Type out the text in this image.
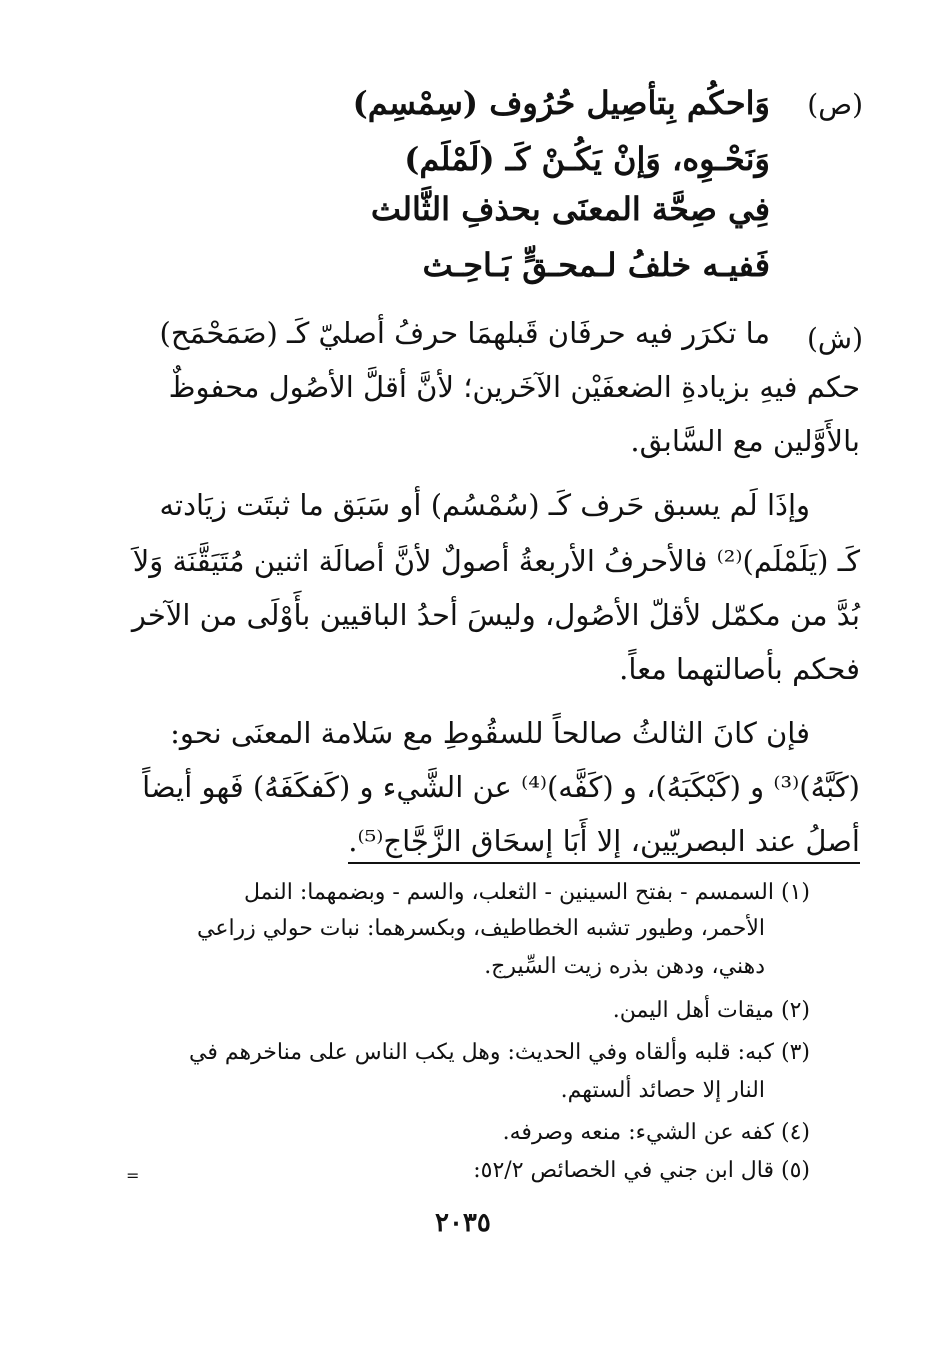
(ص)
وَاحكُم بِتأصِيل حُرُوف (سِمْسِم)
وَنَحْـوِه، وَإنْ يَكُـنْ كَـ (لَمْلَم)
فِي صِحَّة المعنَى بحذفِ الثَّالث
فَفيـه خلفُ لـمحـقٍّ بَـاحِـث
(ش)
ما تكرَر فيه حرفَان قَبلهمَا حرفُ أصليّ كَـ (صَمَحْمَح)
حكم فيهِ بزيادةِ الضعفَيْن الآخَرين؛ لأنَّ أقلَّ الأصُول محفوظٌ
بالأَوَّلين مع السَّابق.
وإذَا لَم يسبق حَرف كَـ (سُمْسُم) أو سَبَق ما ثبتَت زيَادته
كَـ (يَلَمْلَم)⁽²⁾ فالأحرفُ الأربعةُ أصولٌ لأنَّ أصالَة اثنين مُتَيَقَّنَة وَلاَ
بُدَّ من مكمّل لأقلّ الأصُول، وليسَ أحدُ الباقيين بأَوْلَى من الآخر
فحكم بأصالتهما معاً.
فإن كانَ الثالثُ صالحاً للسقُوطِ مع سَلامة المعنَى نحو:
(كَبَّهُ)⁽³⁾ و (كَبْكَبَهُ)، و (كَفَّه)⁽⁴⁾ عن الشَّيء و (كَفكَفَهُ) فَهو أيضاً
أصلُ عند البصريّين، إلا أَبَا إسحَاق الزَّجَّاج⁽⁵⁾.
(١) السمسم - بفتح السينين - الثعلب، والسم - وبضمهما: النمل
الأحمر، وطيور تشبه الخطاطيف، وبكسرهما: نبات حولي زراعي
دهني، ودهن بذره زيت السِّيرج.
(٢) ميقات أهل اليمن.
(٣) كبه: قلبه وألقاه وفي الحديث: وهل يكب الناس على مناخرهم في
النار إلا حصائد ألستهم.
(٤) كفه عن الشيء: منعه وصرفه.
(٥) قال ابن جني في الخصائص ٥٢/٢:
=
٢٠٣٥
